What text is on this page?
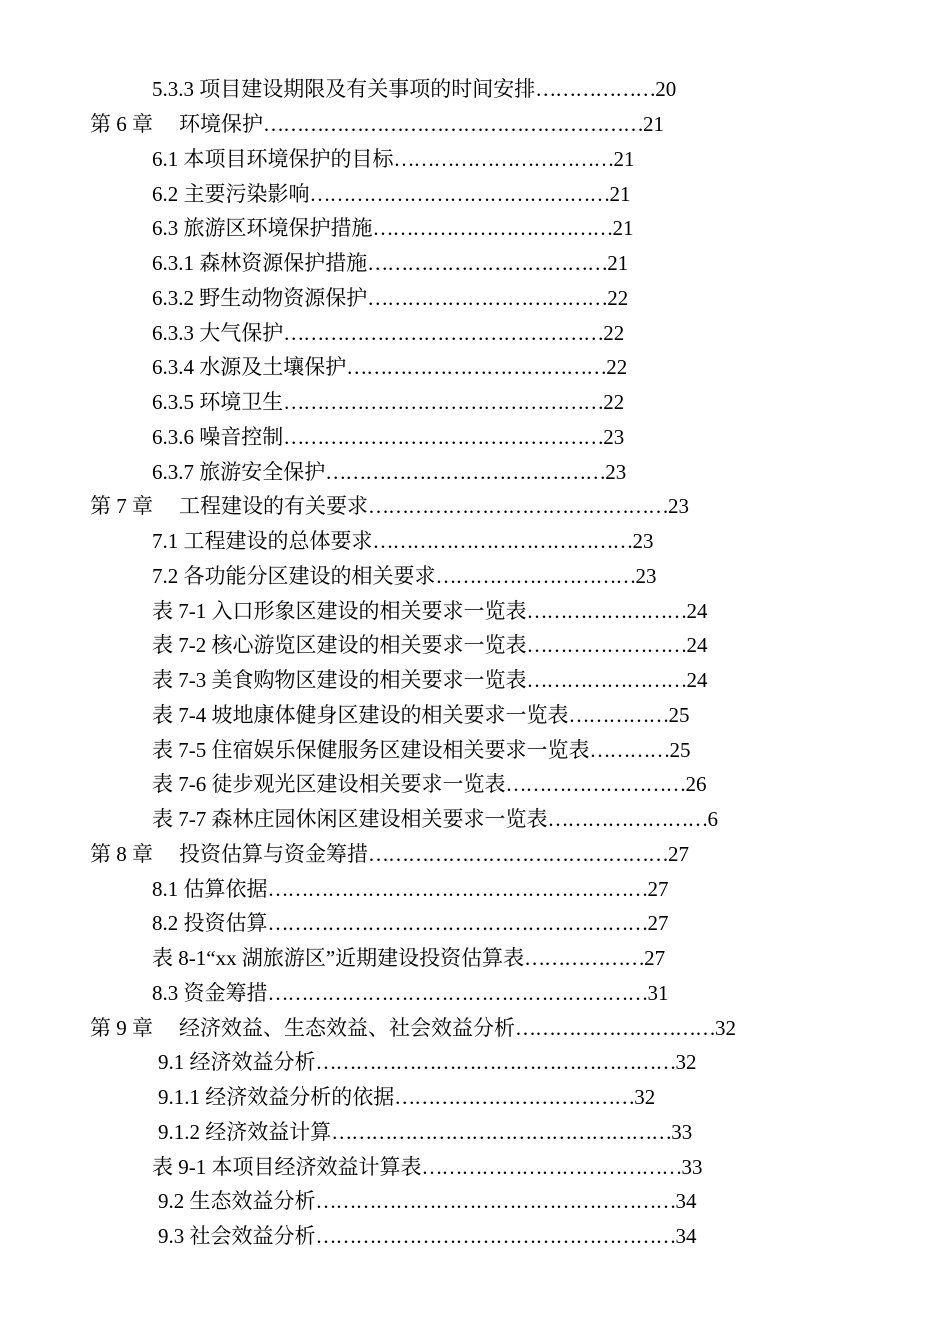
5.3.3 项目建设期限及有关事项的时间安排………………20
第 6 章 环境保护…………………………………………………21
6.1 本项目环境保护的目标……………………………21
6.2 主要污染影响………………………………………21
6.3 旅游区环境保护措施………………………………21
6.3.1 森林资源保护措施………………………………21
6.3.2 野生动物资源保护………………………………22
6.3.3 大气保护…………………………………………22
6.3.4 水源及土壤保护…………………………………22
6.3.5 环境卫生…………………………………………22
6.3.6 噪音控制…………………………………………23
6.3.7 旅游安全保护……………………………………23
第 7 章 工程建设的有关要求………………………………………23
7.1 工程建设的总体要求…………………………………23
7.2 各功能分区建设的相关要求…………………………23
表 7-1 入口形象区建设的相关要求一览表……………………24
表 7-2 核心游览区建设的相关要求一览表……………………24
表 7-3 美食购物区建设的相关要求一览表……………………24
表 7-4 坡地康体健身区建设的相关要求一览表……………25
表 7-5 住宿娱乐保健服务区建设相关要求一览表…………25
表 7-6 徒步观光区建设相关要求一览表………………………26
表 7-7 森林庄园休闲区建设相关要求一览表……………………6
第 8 章 投资估算与资金筹措………………………………………27
8.1 估算依据…………………………………………………27
8.2 投资估算…………………………………………………27
表 8-1“xx 湖旅游区”近期建设投资估算表………………27
8.3 资金筹措…………………………………………………31
第 9 章 经济效益、生态效益、社会效益分析…………………………32
9.1 经济效益分析………………………………………………32
9.1.1 经济效益分析的依据………………………………32
9.1.2 经济效益计算……………………………………………33
表 9-1 本项目经济效益计算表…………………………………33
9.2 生态效益分析………………………………………………34
9.3 社会效益分析………………………………………………34
